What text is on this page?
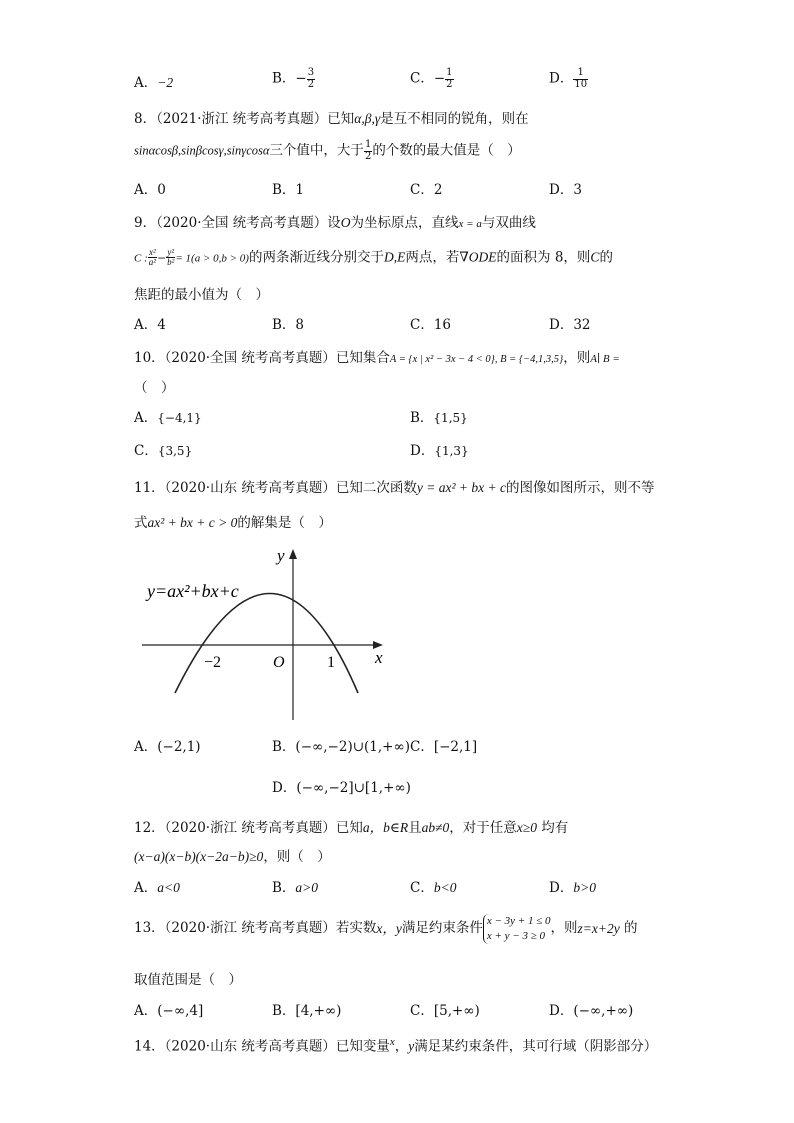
A．−2	B．− $\frac{3}{2}$	C．− $\frac{1}{2}$	D． $\frac{1}{10}$
8．（2021·浙江 统考高考真题）已知α,β,γ是互不相同的锐角，则在
sinαcosβ,sinβcosγ,sinγcosα三个值中，大于 $\frac{1}{2}$ 的个数的最大值是（　）
A．0	B．1	C．2	D．3
9．（2020·全国 统考高考真题）设O为坐标原点，直线x = a与双曲线
C : $\frac{\text{x²}}{\text{a²}} - \frac{\text{y²}}{\text{b²}} = 1(a > 0,b > 0)$的两条渐近线分别交于D,E两点，若∇ODE的面积为 8，则C的
焦距的最小值为（　）
A．4	B．8	C．16	D．32
10．（2020·全国 统考高考真题）已知集合A = {x | x² − 3x − 4 < 0}, B = {−4,1,3,5}，则A∣ B =
（　）
A．{−4,1}	B．{1,5}
C．{3,5}	D．{1,3}
11．（2020·山东 统考高考真题）已知二次函数y = ax² + bx + c的图像如图所示，则不等
式ax² + bx + c > 0的解集是（　）
y=ax²+bx+c
y
x
O
−2	1
A．(−2,1)	B．(−∞,−2)∪(1,+∞) C．[−2,1]
D．(−∞,−2]∪[1,+∞)
12．（2020·浙江 统考高考真题）已知a，b∈R且ab≠0，对于任意x≥0 均有
(x−a)(x−b)(x−2a−b)≥0，则（　）
A．a<0	B．a>0	C．b<0	D．b>0
13．（2020·浙江 统考高考真题）若实数x，y满足约束条件 x − 3y + 1 ≤ 0
x + y − 3 ≥ 0 ，则z=x+2y 的
取值范围是（　）
A．(−∞,4]	B．[4,+∞)	C．[5,+∞)	D．(−∞,+∞)
14．（2020·山东 统考高考真题）已知变量$^x$，y满足某约束条件，其可行域（阴影部分）
